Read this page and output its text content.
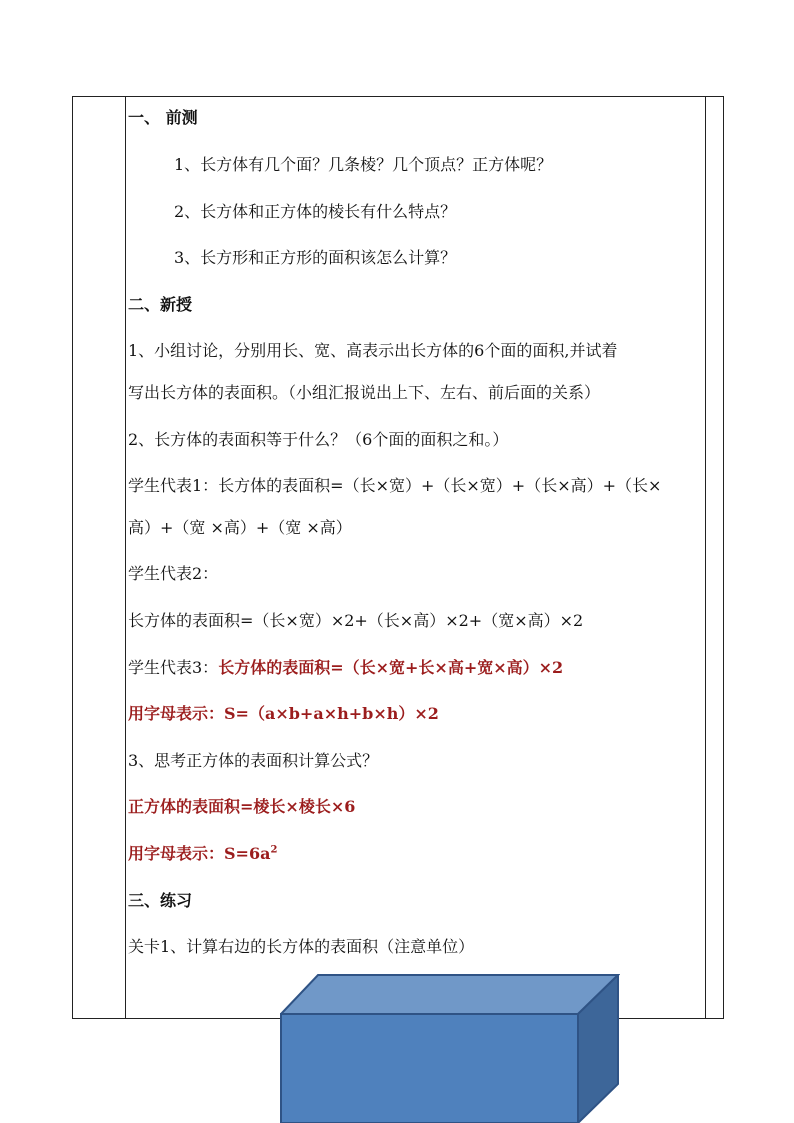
一、 前测
1、长方体有几个面？几条棱？几个顶点？正方体呢？
2、长方体和正方体的棱长有什么特点？
3、长方形和正方形的面积该怎么计算？
二、新授
1、小组讨论，分别用长、宽、高表示出长方体的6个面的面积,并试着
写出长方体的表面积。（小组汇报说出上下、左右、前后面的关系）
2、长方体的表面积等于什么？（6个面的面积之和。）
学生代表1：长方体的表面积=（长×宽）+（长×宽）+（长×高）+（长×
高）+（宽 ×高）+（宽 ×高）
学生代表2：
长方体的表面积=（长×宽）×2+（长×高）×2+（宽×高）×2
学生代表3：长方体的表面积=（长×宽+长×高+宽×高）×2
用字母表示：S=（a×b+a×h+b×h）×2
3、思考正方体的表面积计算公式？
正方体的表面积=棱长×棱长×6
用字母表示：$S=6a^2$
三、练习
关卡1、计算右边的长方体的表面积（注意单位）
